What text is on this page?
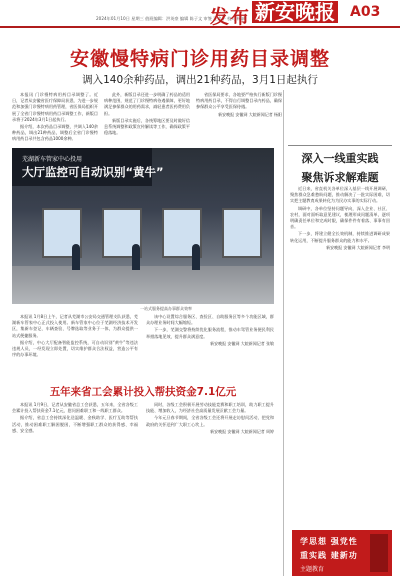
2024年01月10日 星期三 值班编辑：洪英豪 编辑 陈子文 审签 汪忠平 校对 杨斌
发布 新安晚报 A03
安徽慢特病门诊用药目录调整
调入140余种药品，调出21种药品，3月1日起执行

本报讯 门诊慢特病用药目录调整了。近日，记者从安徽省医疗保障局获悉，为进一步规范和加强门诊慢特病用药管理，省医保局组织开展了全省门诊慢特病用药目录调整工作，新版目录将于2024年3月1日起执行。

据介绍，本次药品目录调整，共调入140余种药品，调出21种药品，调整后全省门诊慢特病用药目录共包含药品1000余种。

此外，新版目录还进一步明确了药品的适用病种范围，规范了门诊慢特病待遇保障，更好地满足参保群众的用药需求，减轻患者医药费用负担。

新版目录实施后，各统筹地区要及时做好信息系统调整和政策宣传解读等工作，确保政策平稳落地。

省医保局要求，各地要严格执行新版门诊慢特病用药目录，不得自行调整目录内药品，确保参保群众公平享受医保待遇。

新安晚报 安徽网 大皖新闻记者 杨阳

芜湖新车管家中心投用
大厅监控可自动识别“黄牛”
一站式服务提高办事群众效率

本报讯 1月8日上午，记者从芜湖市公安局交通管理支队获悉，芜湖新车管家中心正式投入使用。新车管家中心位于芜湖经济技术开发区，集新车登记、车辆查验、号牌选取等业务于一体，为群众提供一站式便捷服务。

据介绍，中心大厅配备智能监控系统，可自动识别“黄牛”等违法违规人员，一经发现立即处置，切实维护群众合法权益，营造公平有序的办事环境。

该中心设置综合服务区、查验区、自助服务区等多个功能区域，群众办理业务时间大幅缩短。

下一步，芜湖交警将持续优化服务流程，推动车驾管业务便民利民举措落地见效，提升群众满意度。

新安晚报 安徽网 大皖新闻记者 张敏

深入一线重实践
聚焦诉求解难题

近日来，省直机关各单位深入基层一线开展调研，聚焦群众急难愁盼问题，推动解决了一批实际困难，切实把主题教育成果转化为为民办实事的实际行动。

调研中，各单位坚持问题导向，深入企业、社区、农村，面对面听取意见建议，梳理形成问题清单，逐项明确责任单位和完成时限，确保件件有着落、事事有回音。

下一步，将建立健全长效机制，持续推进调研成果转化运用，不断提升服务群众的能力和水平。

新安晚报 安徽网 大皖新闻记者 李明

五年来省工会累计投入帮扶资金7.1亿元

本报讯 1月9日，记者从安徽省总工会获悉，五年来，全省各级工会累计投入帮扶资金7.1亿元，慰问困难职工和一线职工群众。

据介绍，省总工会持续深化送温暖、金秋助学、医疗互助等帮扶活动，推动困难职工解困脱困，不断增强职工群众的获得感、幸福感、安全感。

同时，各级工会积极开展劳动技能竞赛和职工培训，助力职工提升技能、增加收入，为经济社会高质量发展贡献工会力量。

今年元旦春节期间，全省各级工会还将开展走访慰问活动，把党和政府的关怀送到广大职工心坎上。

新安晚报 安徽网 大皖新闻记者 周婷

学思想 强党性
重实践 建新功
主题教育
